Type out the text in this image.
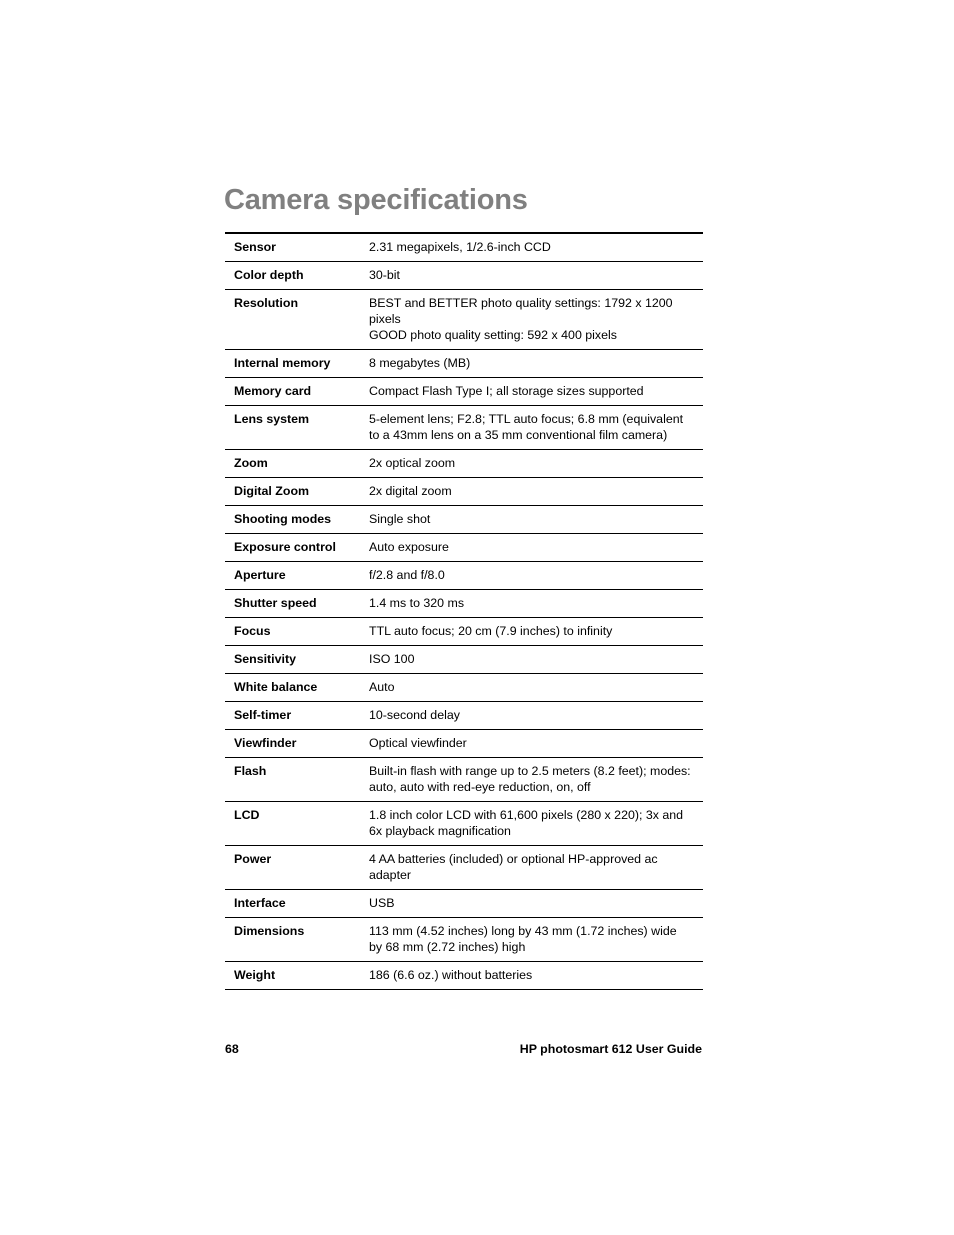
Camera specifications
Sensor	2.31 megapixels, 1/2.6-inch CCD

Color depth	30-bit

Resolution	BEST and BETTER photo quality settings: 1792 x 1200 pixels
GOOD photo quality setting: 592 x 400 pixels

Internal memory	8 megabytes (MB)

Memory card	Compact Flash Type I; all storage sizes supported

Lens system	5-element lens; F2.8; TTL auto focus; 6.8 mm (equivalent to a 43mm lens on a 35 mm conventional film camera)

Zoom	2x optical zoom

Digital Zoom	2x digital zoom

Shooting modes	Single shot

Exposure control	Auto exposure

Aperture	f/2.8 and f/8.0

Shutter speed	1.4 ms to 320 ms

Focus	TTL auto focus; 20 cm (7.9 inches) to infinity

Sensitivity	ISO 100

White balance	Auto

Self-timer	10-second delay

Viewfinder	Optical viewfinder

Flash	Built-in flash with range up to 2.5 meters (8.2 feet); modes: auto, auto with red-eye reduction, on, off

LCD	1.8 inch color LCD with 61,600 pixels (280 x 220); 3x and 6x playback magnification

Power	4 AA batteries (included) or optional HP-approved ac adapter

Interface	USB

Dimensions	113 mm (4.52 inches) long by 43 mm (1.72 inches) wide by 68 mm (2.72 inches) high

Weight	186 (6.6 oz.) without batteries
68	HP photosmart 612 User Guide
